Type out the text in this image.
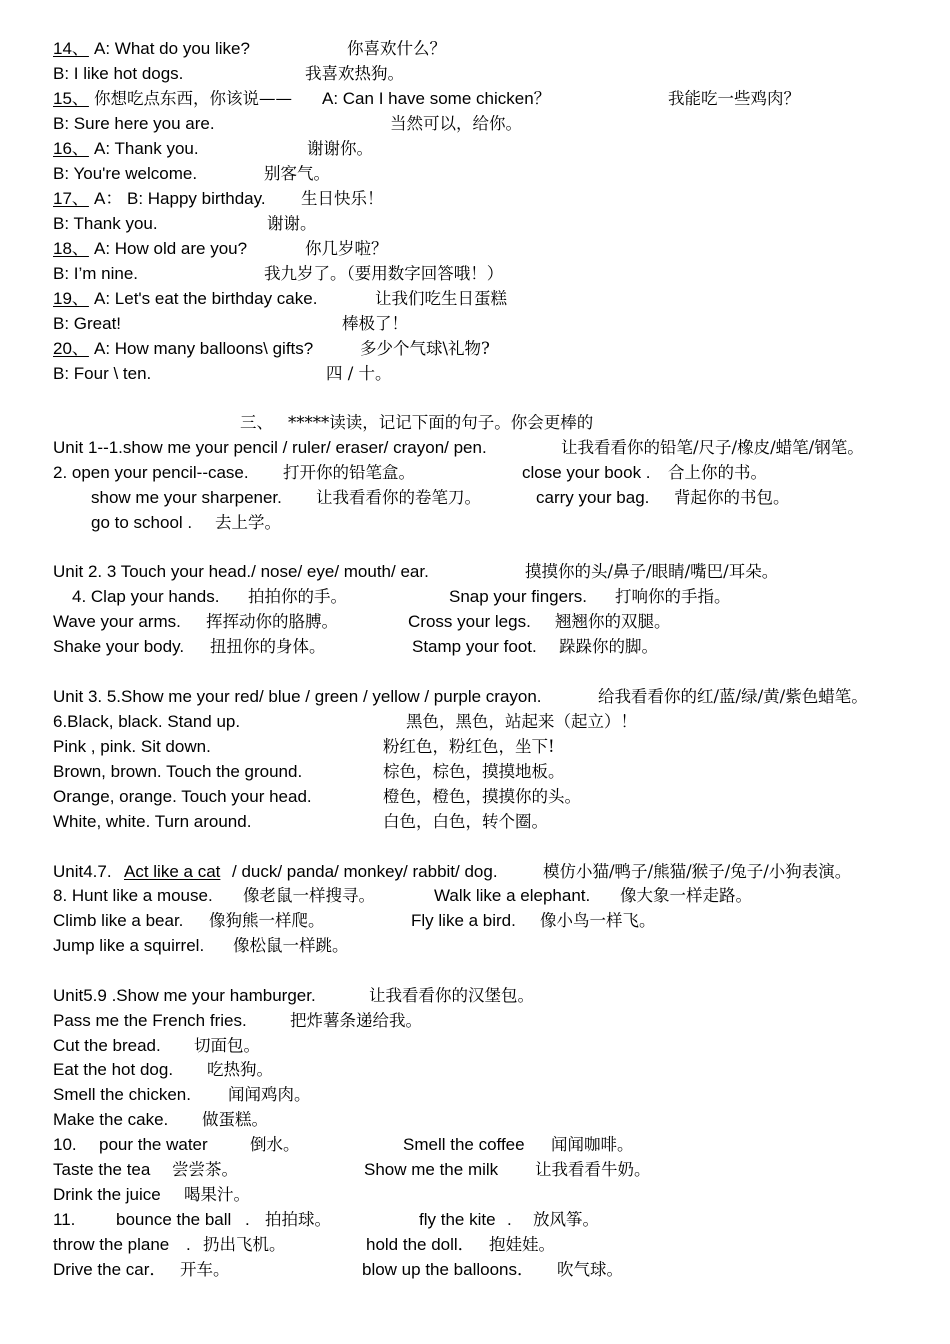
14、 A: What do you like?	你喜欢什么？
B: I like hot dogs.	我喜欢热狗。
15、 你想吃点东西，你该说—— A: Can I have some chicken？	我能吃一些鸡肉？
B: Sure here you are.	当然可以，给你。
16、 A: Thank you.	谢谢你。
B: You're welcome.	别客气。
17、 A： B: Happy birthday. 生日快乐！
B: Thank you.	谢谢。
18、 A: How old are you?	你几岁啦？
B: I’m nine.	我九岁了。（要用数字回答哦！）
19、 A: Let's eat the birthday cake.	让我们吃生日蛋糕
B: Great!	棒极了！
20、 A: How many balloons\ gifts?	多少个气球\礼物?
B: Four \ ten.	四 / 十。
三、 *****读读，记记下面的句子。你会更棒的
Unit 1--1.show me your pencil / ruler/ eraser/ crayon/ pen.	让我看看你的铅笔/尺子/橡皮/蜡笔/钢笔。
2. open your pencil--case. 打开你的铅笔盒。	close your book . 合上你的书。
show me your sharpener. 让我看看你的卷笔刀。	carry your bag. 背起你的书包。
go to school . 去上学。
Unit 2. 3 Touch your head./ nose/ eye/ mouth/ ear.	摸摸你的头/鼻子/眼睛/嘴巴/耳朵。
4. Clap your hands. 拍拍你的手。	Snap your fingers. 打响你的手指。
Wave your arms. 挥挥动你的胳膊。	Cross your legs. 翘翘你的双腿。
Shake your body. 扭扭你的身体。	Stamp your foot. 跺跺你的脚。
Unit 3. 5.Show me your red/ blue / green / yellow / purple crayon.	给我看看你的红/蓝/绿/黄/紫色蜡笔。
6.Black, black. Stand up.	黑色，黑色，站起来（起立）！
Pink , pink. Sit down.	粉红色，粉红色，坐下!
Brown, brown. Touch the ground.	棕色，棕色，摸摸地板。
Orange, orange. Touch your head.	橙色，橙色，摸摸你的头。
White, white. Turn around.	白色，白色，转个圈。
Unit4.7. Act like a cat / duck/ panda/ monkey/ rabbit/ dog.	模仿小猫/鸭子/熊猫/猴子/兔子/小狗表演。
8. Hunt like a mouse. 像老鼠一样搜寻。	Walk like a elephant. 像大象一样走路。
Climb like a bear. 像狗熊一样爬。	Fly like a bird. 像小鸟一样飞。
Jump like a squirrel. 像松鼠一样跳。
Unit5.9 .Show me your hamburger.	让我看看你的汉堡包。
Pass me the French fries.	把炸薯条递给我。
Cut the bread. 切面包。
Eat the hot dog. 吃热狗。
Smell the chicken. 闻闻鸡肉。
Make the cake. 做蛋糕。
10. pour the water	倒水。	Smell the coffee 闻闻咖啡。
Taste the tea 尝尝茶。	Show me the milk 让我看看牛奶。
Drink the juice 喝果汁。
11. bounce the ball . 拍拍球。	fly the kite . 放风筝。
throw the plane . 扔出飞机。	hold the doll． 抱娃娃。
Drive the car． 开车。	blow up the balloons． 吹气球。
